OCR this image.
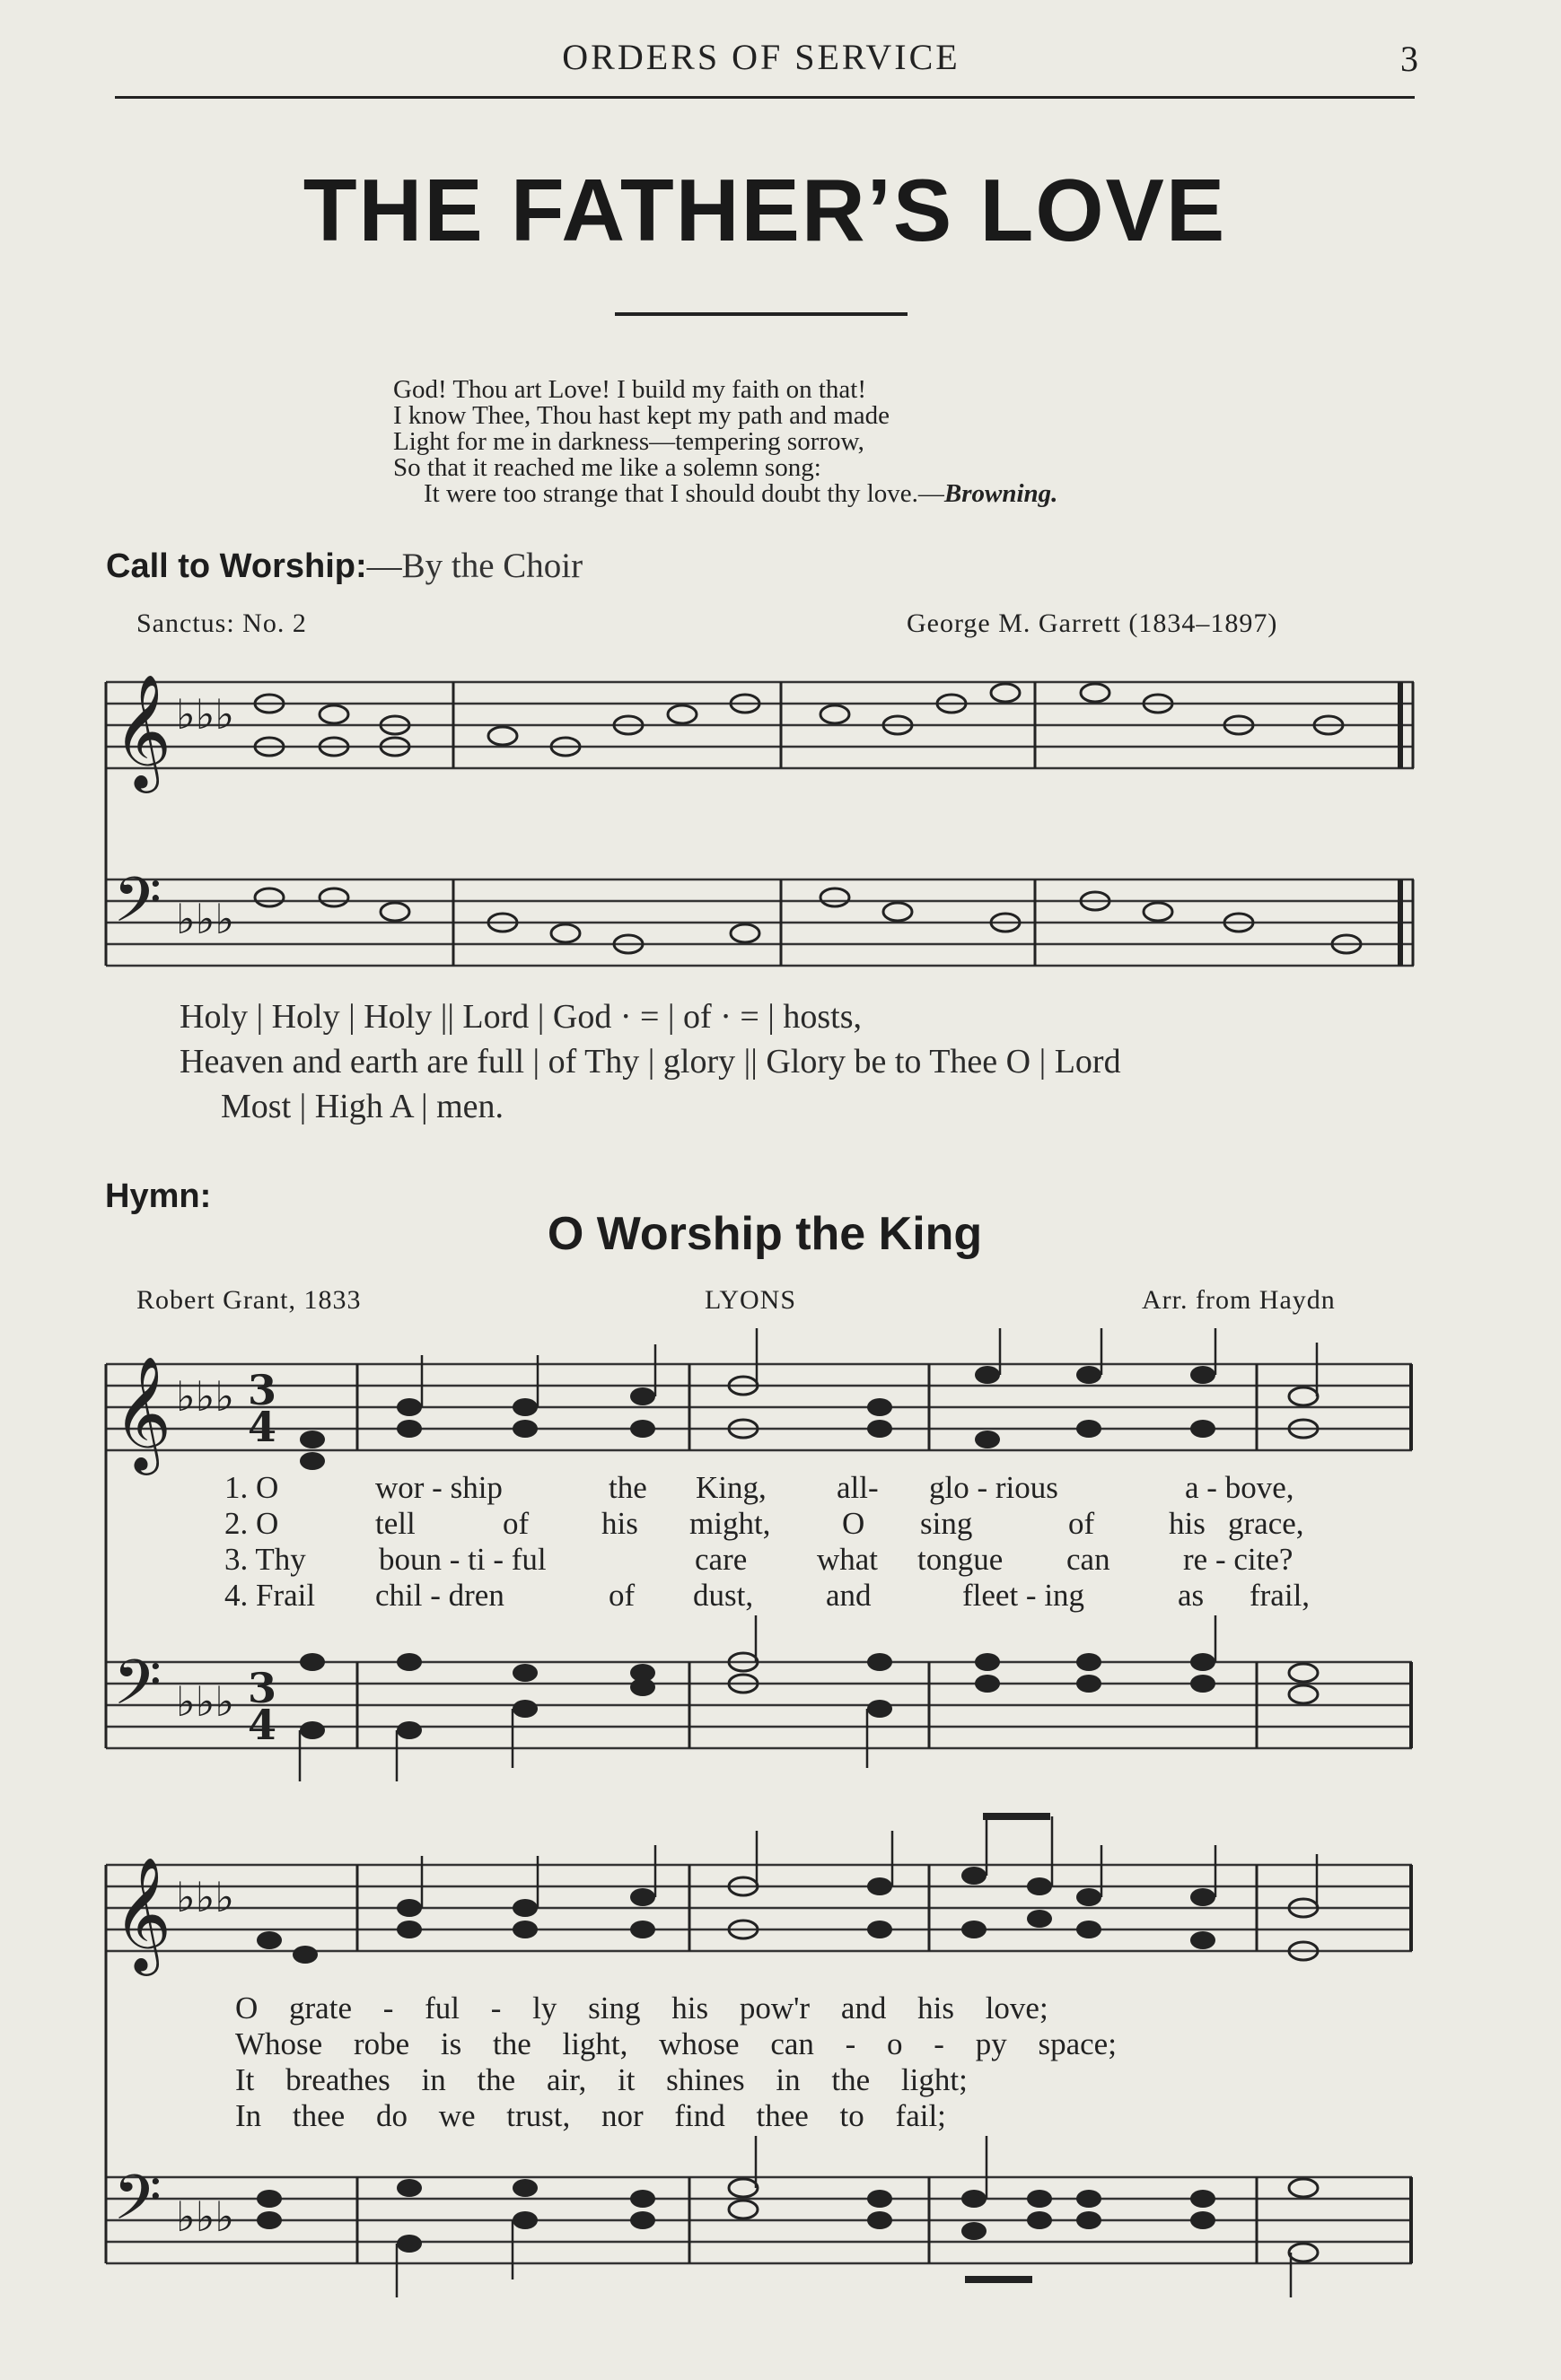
ORDERS OF SERVICE	3
THE FATHER’S LOVE
God! Thou art Love! I build my faith on that!
I know Thee, Thou hast kept my path and made
Light for me in darkness—tempering sorrow,
So that it reached me like a solemn song:
It were too strange that I should doubt thy love.—Browning.
Call to Worship:—By the Choir
Sanctus: No. 2	George M. Garrett (1834–1897)
𝄞
𝄢
♭♭♭
♭♭♭
𝄞
𝄢
♭♭♭
♭♭♭
3
4
3
4
𝄞
𝄢
♭♭♭
♭♭♭
Holy | Holy | Holy || Lord | God · = | of · = | hosts,
Heaven and earth are full | of Thy | glory || Glory be to Thee O | Lord
Most | High A | men.
Hymn:
O Worship the King
Robert Grant, 1833	LYONS	Arr. from Haydn
1. O	wor - ship	the King, all- glo - rious	a - bove,
2. O	tell	of his might, O sing	of his grace,
3. Thy boun - ti - ful	care what tongue can re - cite?
4. Frail chil - dren	of dust, and	fleet - ing	as frail,
O grate - ful - ly sing his pow'r and his love;
Whose robe is the light, whose can - o - py space;
It breathes in the air, it shines in the light;
In thee do we trust, nor find thee to fail;
